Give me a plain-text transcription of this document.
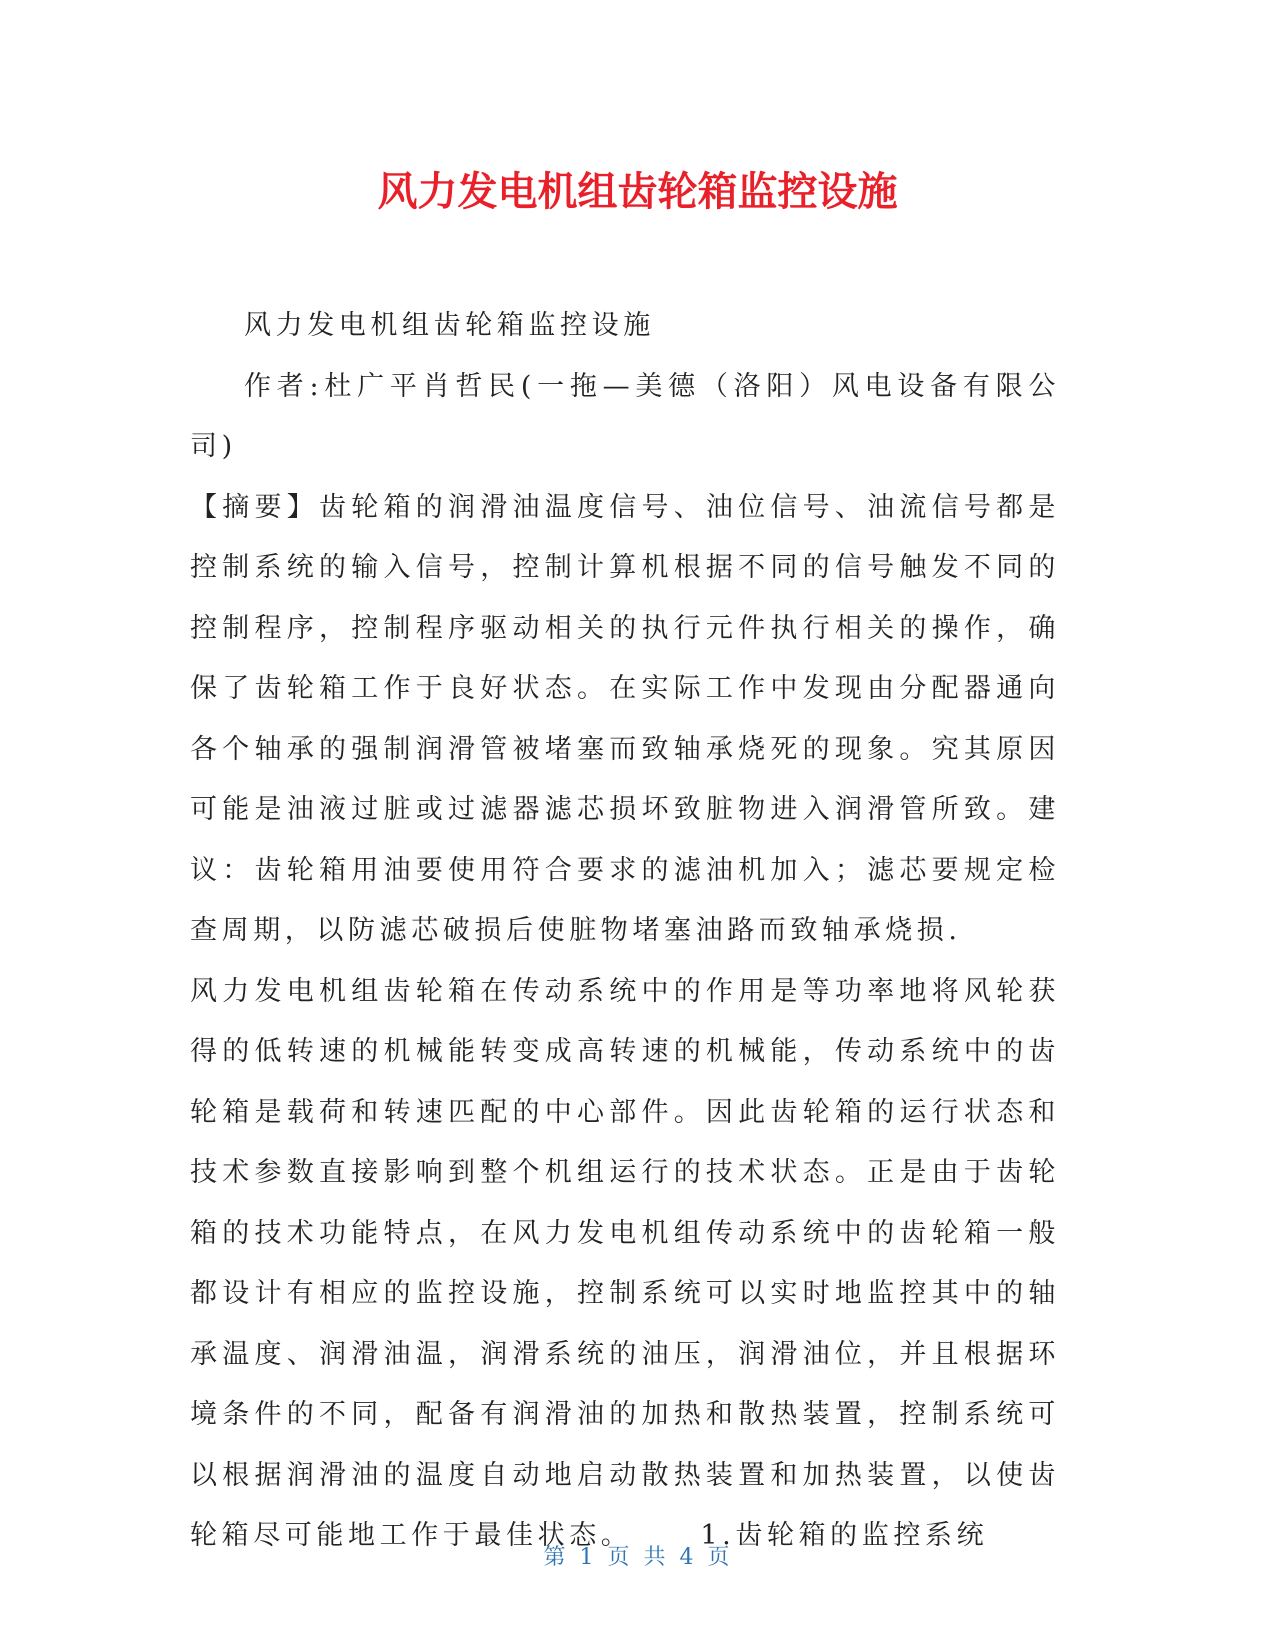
风力发电机组齿轮箱监控设施

风力发电机组齿轮箱监控设施

作者:杜广平肖哲民(一拖—美德（洛阳）风电设备有限公司)

【摘要】齿轮箱的润滑油温度信号、油位信号、油流信号都是控制系统的输入信号，控制计算机根据不同的信号触发不同的控制程序，控制程序驱动相关的执行元件执行相关的操作，确保了齿轮箱工作于良好状态。在实际工作中发现由分配器通向各个轴承的强制润滑管被堵塞而致轴承烧死的现象。究其原因可能是油液过脏或过滤器滤芯损坏致脏物进入润滑管所致。建议：齿轮箱用油要使用符合要求的滤油机加入；滤芯要规定检查周期，以防滤芯破损后使脏物堵塞油路而致轴承烧损.

风力发电机组齿轮箱在传动系统中的作用是等功率地将风轮获得的低转速的机械能转变成高转速的机械能，传动系统中的齿轮箱是载荷和转速匹配的中心部件。因此齿轮箱的运行状态和技术参数直接影响到整个机组运行的技术状态。正是由于齿轮箱的技术功能特点，在风力发电机组传动系统中的齿轮箱一般都设计有相应的监控设施，控制系统可以实时地监控其中的轴承温度、润滑油温，润滑系统的油压，润滑油位，并且根据环境条件的不同，配备有润滑油的加热和散热装置，控制系统可以根据润滑油的温度自动地启动散热装置和加热装置，以使齿轮箱尽可能地工作于最佳状态。	1.齿轮箱的监控系统

第 1 页 共 4 页
